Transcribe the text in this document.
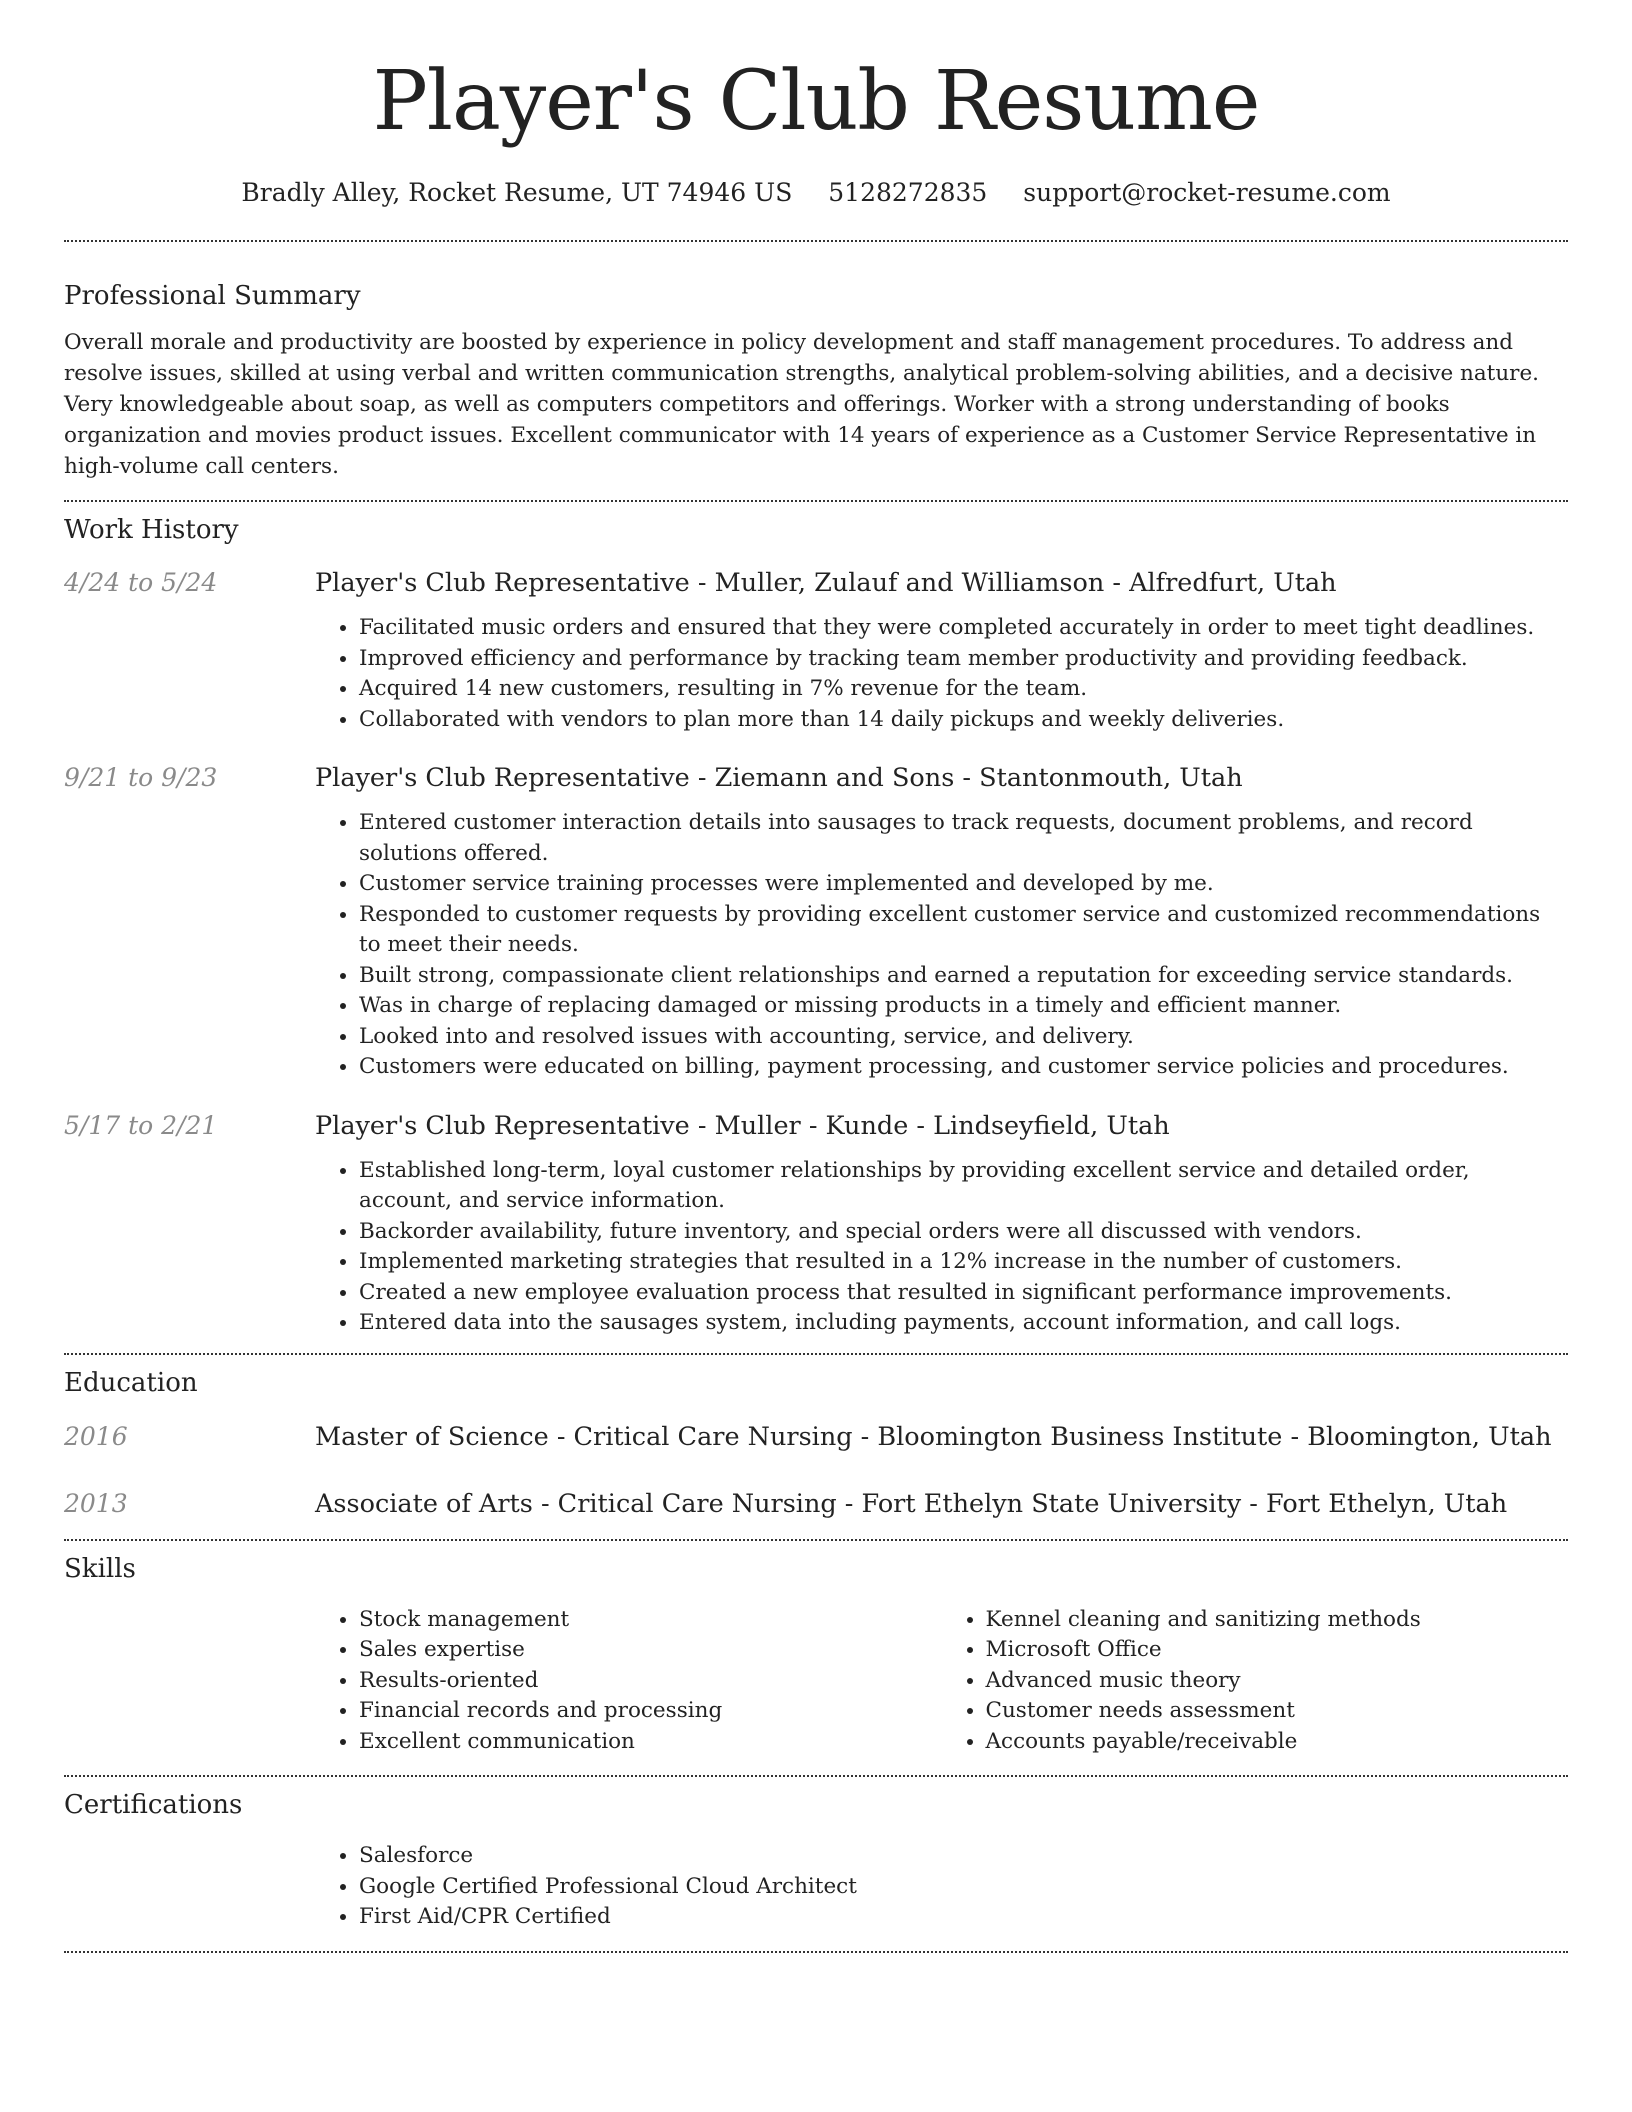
Player's Club Resume
Bradly Alley, Rocket Resume, UT 74946 US 5128272835 support@rocket-resume.com
Professional Summary

Overall morale and productivity are boosted by experience in policy development and staff management procedures. To address and resolve issues, skilled at using verbal and written communication strengths, analytical problem-solving abilities, and a decisive nature. Very knowledgeable about soap, as well as computers competitors and offerings. Worker with a strong understanding of books organization and movies product issues. Excellent communicator with 14 years of experience as a Customer Service Representative in high-volume call centers.

Work History
4/24 to 5/24	Player's Club Representative - Muller, Zulauf and Williamson - Alfredfurt, Utah
• Facilitated music orders and ensured that they were completed accurately in order to meet tight deadlines.
• Improved efficiency and performance by tracking team member productivity and providing feedback.
• Acquired 14 new customers, resulting in 7% revenue for the team.
• Collaborated with vendors to plan more than 14 daily pickups and weekly deliveries.
9/21 to 9/23	Player's Club Representative - Ziemann and Sons - Stantonmouth, Utah
• Entered customer interaction details into sausages to track requests, document problems, and record solutions offered.
• Customer service training processes were implemented and developed by me.
• Responded to customer requests by providing excellent customer service and customized recommendations to meet their needs.
• Built strong, compassionate client relationships and earned a reputation for exceeding service standards.
• Was in charge of replacing damaged or missing products in a timely and efficient manner.
• Looked into and resolved issues with accounting, service, and delivery.
• Customers were educated on billing, payment processing, and customer service policies and procedures.
5/17 to 2/21	Player's Club Representative - Muller - Kunde - Lindseyfield, Utah
• Established long-term, loyal customer relationships by providing excellent service and detailed order, account, and service information.
• Backorder availability, future inventory, and special orders were all discussed with vendors.
• Implemented marketing strategies that resulted in a 12% increase in the number of customers.
• Created a new employee evaluation process that resulted in significant performance improvements.
• Entered data into the sausages system, including payments, account information, and call logs.
Education
2016	Master of Science - Critical Care Nursing - Bloomington Business Institute - Bloomington, Utah
2013	Associate of Arts - Critical Care Nursing - Fort Ethelyn State University - Fort Ethelyn, Utah
Skills
• Stock management
• Sales expertise
• Results-oriented
• Financial records and processing
• Excellent communication
• Kennel cleaning and sanitizing methods
• Microsoft Office
• Advanced music theory
• Customer needs assessment
• Accounts payable/receivable
Certifications
• Salesforce
• Google Certified Professional Cloud Architect
• First Aid/CPR Certified
